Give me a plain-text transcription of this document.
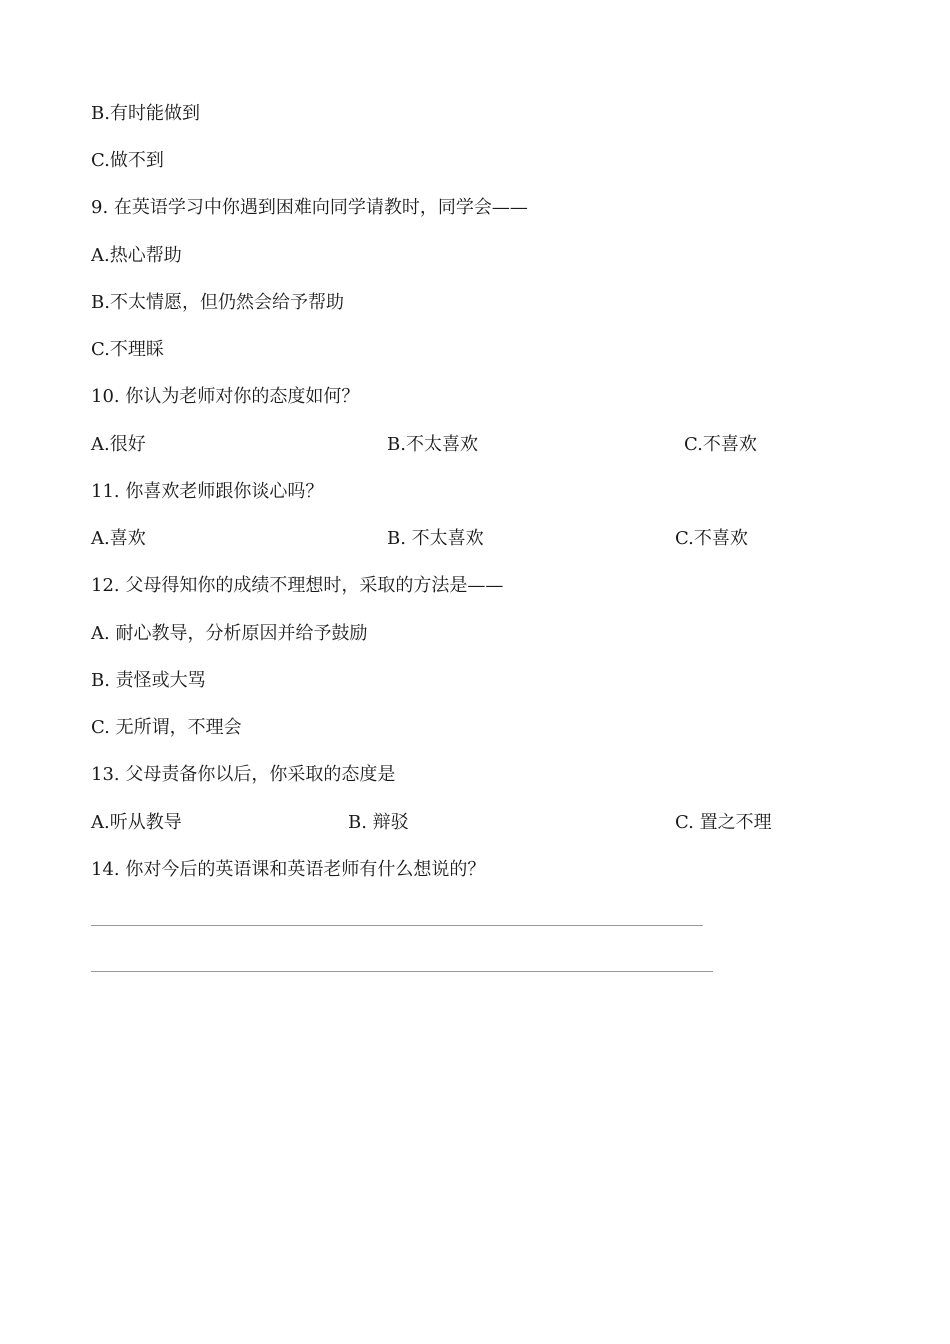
B.有时能做到
C.做不到
9. 在英语学习中你遇到困难向同学请教时，同学会——
A.热心帮助
B.不太情愿，但仍然会给予帮助
C.不理睬
10. 你认为老师对你的态度如何？
A.很好	B.不太喜欢	C.不喜欢
11. 你喜欢老师跟你谈心吗？
A.喜欢	B. 不太喜欢	C.不喜欢
12. 父母得知你的成绩不理想时，采取的方法是——
A. 耐心教导，分析原因并给予鼓励
B. 责怪或大骂
C. 无所谓，不理会
13. 父母责备你以后，你采取的态度是
A.听从教导	B. 辩驳	C. 置之不理
14. 你对今后的英语课和英语老师有什么想说的？
